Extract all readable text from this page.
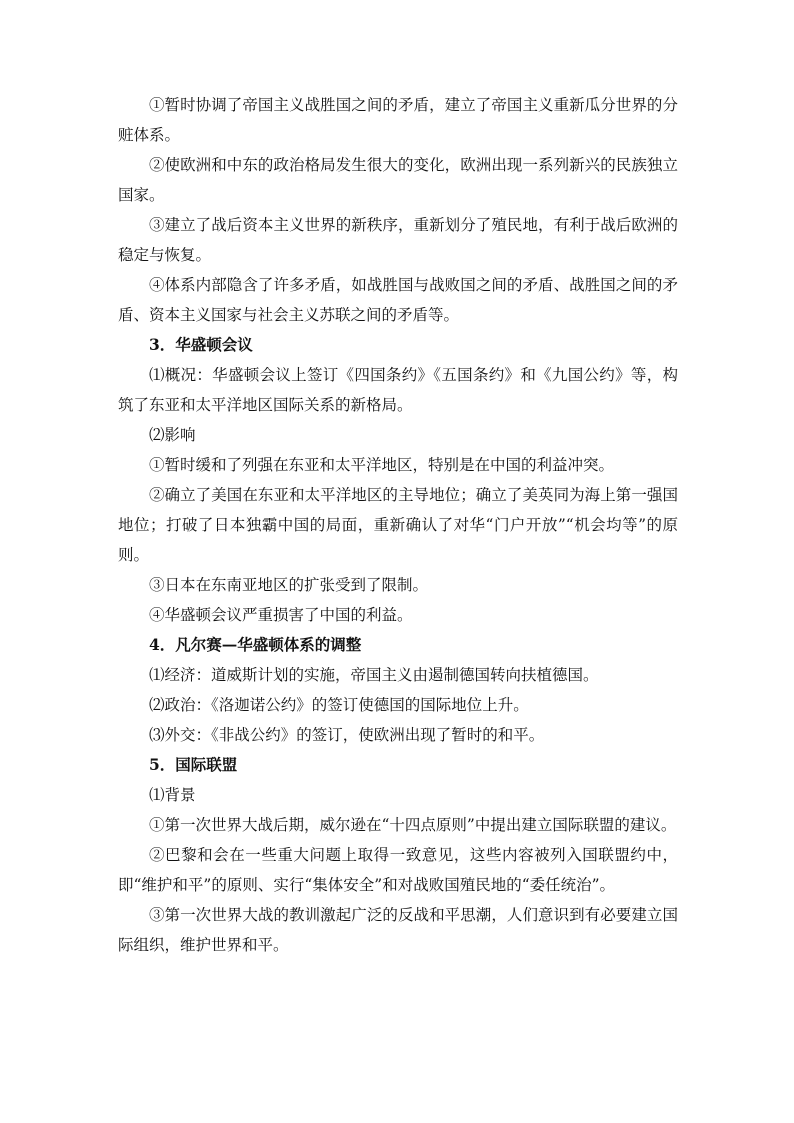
①暂时协调了帝国主义战胜国之间的矛盾，建立了帝国主义重新瓜分世界的分赃体系。

②使欧洲和中东的政治格局发生很大的变化，欧洲出现一系列新兴的民族独立国家。

③建立了战后资本主义世界的新秩序，重新划分了殖民地，有利于战后欧洲的稳定与恢复。

④体系内部隐含了许多矛盾，如战胜国与战败国之间的矛盾、战胜国之间的矛盾、资本主义国家与社会主义苏联之间的矛盾等。

3．华盛顿会议

⑴概况：华盛顿会议上签订《四国条约》《五国条约》和《九国公约》等，构筑了东亚和太平洋地区国际关系的新格局。

⑵影响

①暂时缓和了列强在东亚和太平洋地区，特别是在中国的利益冲突。

②确立了美国在东亚和太平洋地区的主导地位；确立了美英同为海上第一强国地位；打破了日本独霸中国的局面，重新确认了对华“门户开放”“机会均等”的原则。

③日本在东南亚地区的扩张受到了限制。

④华盛顿会议严重损害了中国的利益。

4．凡尔赛—华盛顿体系的调整

⑴经济：道威斯计划的实施，帝国主义由遏制德国转向扶植德国。

⑵政治：《洛迦诺公约》的签订使德国的国际地位上升。

⑶外交：《非战公约》的签订，使欧洲出现了暂时的和平。

5．国际联盟

⑴背景

①第一次世界大战后期，威尔逊在“十四点原则”中提出建立国际联盟的建议。

②巴黎和会在一些重大问题上取得一致意见，这些内容被列入国联盟约中，即“维护和平”的原则、实行“集体安全”和对战败国殖民地的“委任统治”。

③第一次世界大战的教训激起广泛的反战和平思潮，人们意识到有必要建立国际组织，维护世界和平。
